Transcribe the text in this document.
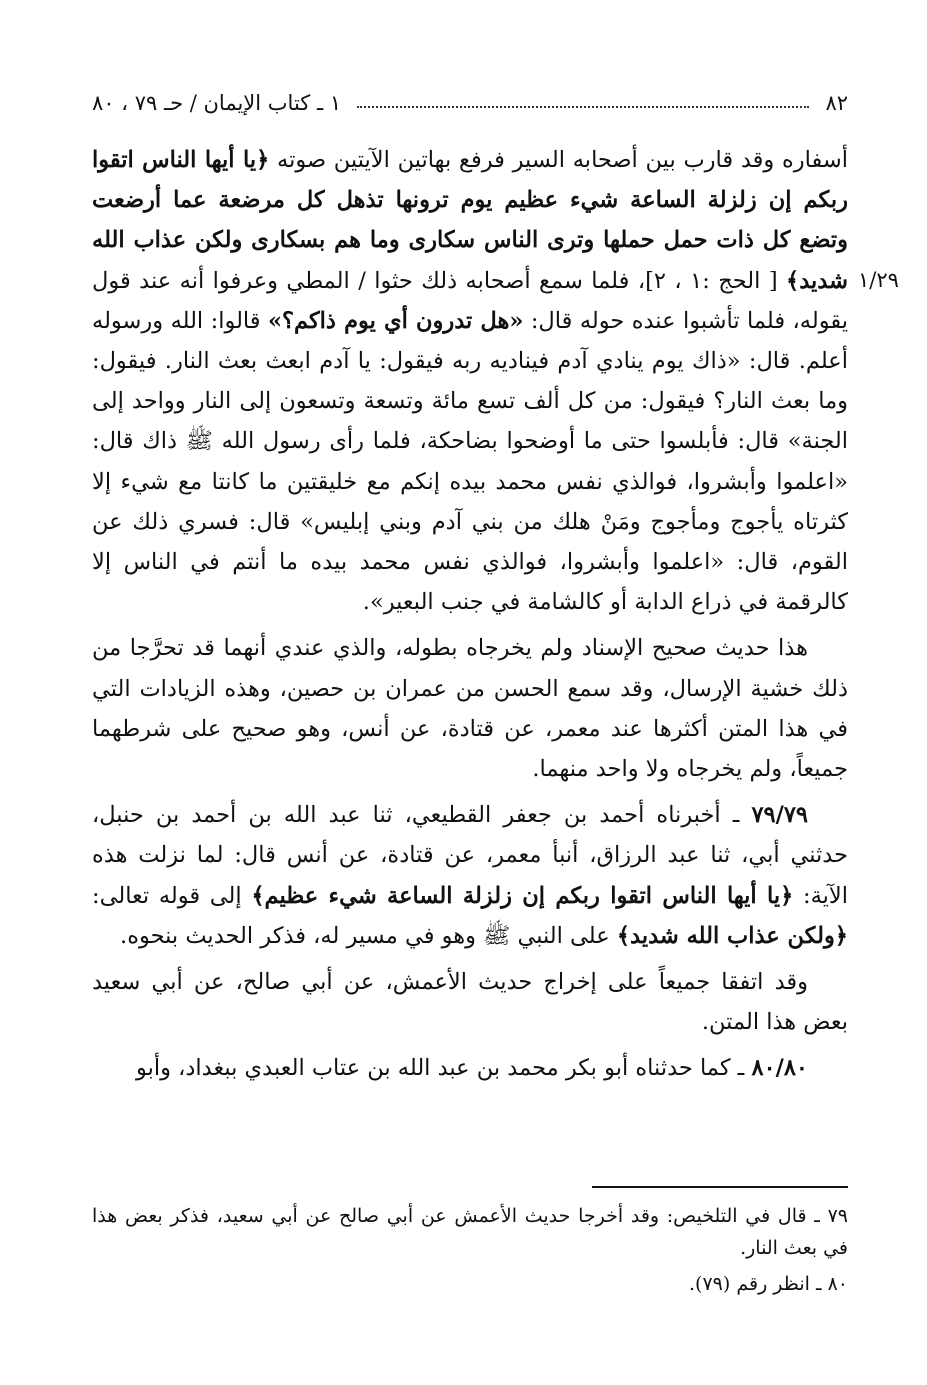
٨٢
١ ـ كتاب الإيمان / حـ ٧٩ ، ٨٠
١/٢٩

أسفاره وقد قارب بين أصحابه السير فرفع بهاتين الآيتين صوته ﴿يا أيها الناس اتقوا ربكم إن زلزلة الساعة شيء عظيم يوم ترونها تذهل كل مرضعة عما أرضعت وتضع كل ذات حمل حملها وترى الناس سكارى وما هم بسكارى ولكن عذاب الله شديد﴾ [ الحج :١ ، ٢]، فلما سمع أصحابه ذلك حثوا / المطي وعرفوا أنه عند قول يقوله، فلما تأشبوا عنده حوله قال: «هل تدرون أي يوم ذاكم؟» قالوا: الله ورسوله أعلم. قال: «ذاك يوم ينادي آدم فيناديه ربه فيقول: يا آدم ابعث بعث النار. فيقول: وما بعث النار؟ فيقول: من كل ألف تسع مائة وتسعة وتسعون إلى النار وواحد إلى الجنة» قال: فأبلسوا حتى ما أوضحوا بضاحكة، فلما رأى رسول الله ﷺ ذاك قال: «اعلموا وأبشروا، فوالذي نفس محمد بيده إنكم مع خليقتين ما كانتا مع شيء إلا كثرتاه يأجوج ومأجوج ومَنْ هلك من بني آدم وبني إبليس» قال: فسري ذلك عن القوم، قال: «اعلموا وأبشروا، فوالذي نفس محمد بيده ما أنتم في الناس إلا كالرقمة في ذراع الدابة أو كالشامة في جنب البعير».

هذا حديث صحيح الإسناد ولم يخرجاه بطوله، والذي عندي أنهما قد تحرَّجا من ذلك خشية الإرسال، وقد سمع الحسن من عمران بن حصين، وهذه الزيادات التي في هذا المتن أكثرها عند معمر، عن قتادة، عن أنس، وهو صحيح على شرطهما جميعاً، ولم يخرجاه ولا واحد منهما.

٧٩/٧٩ ـ أخبرناه أحمد بن جعفر القطيعي، ثنا عبد الله بن أحمد بن حنبل، حدثني أبي، ثنا عبد الرزاق، أنبأ معمر، عن قتادة، عن أنس قال: لما نزلت هذه الآية: ﴿يا أيها الناس اتقوا ربكم إن زلزلة الساعة شيء عظيم﴾ إلى قوله تعالى: ﴿ولكن عذاب الله شديد﴾ على النبي ﷺ وهو في مسير له، فذكر الحديث بنحوه.

وقد اتفقا جميعاً على إخراج حديث الأعمش، عن أبي صالح، عن أبي سعيد بعض هذا المتن.

٨٠/٨٠ ـ كما حدثناه أبو بكر محمد بن عبد الله بن عتاب العبدي ببغداد، وأبو

٧٩ ـ قال في التلخيص: وقد أخرجا حديث الأعمش عن أبي صالح عن أبي سعيد، فذكر بعض هذا في بعث النار.

٨٠ ـ انظر رقم (٧٩).
